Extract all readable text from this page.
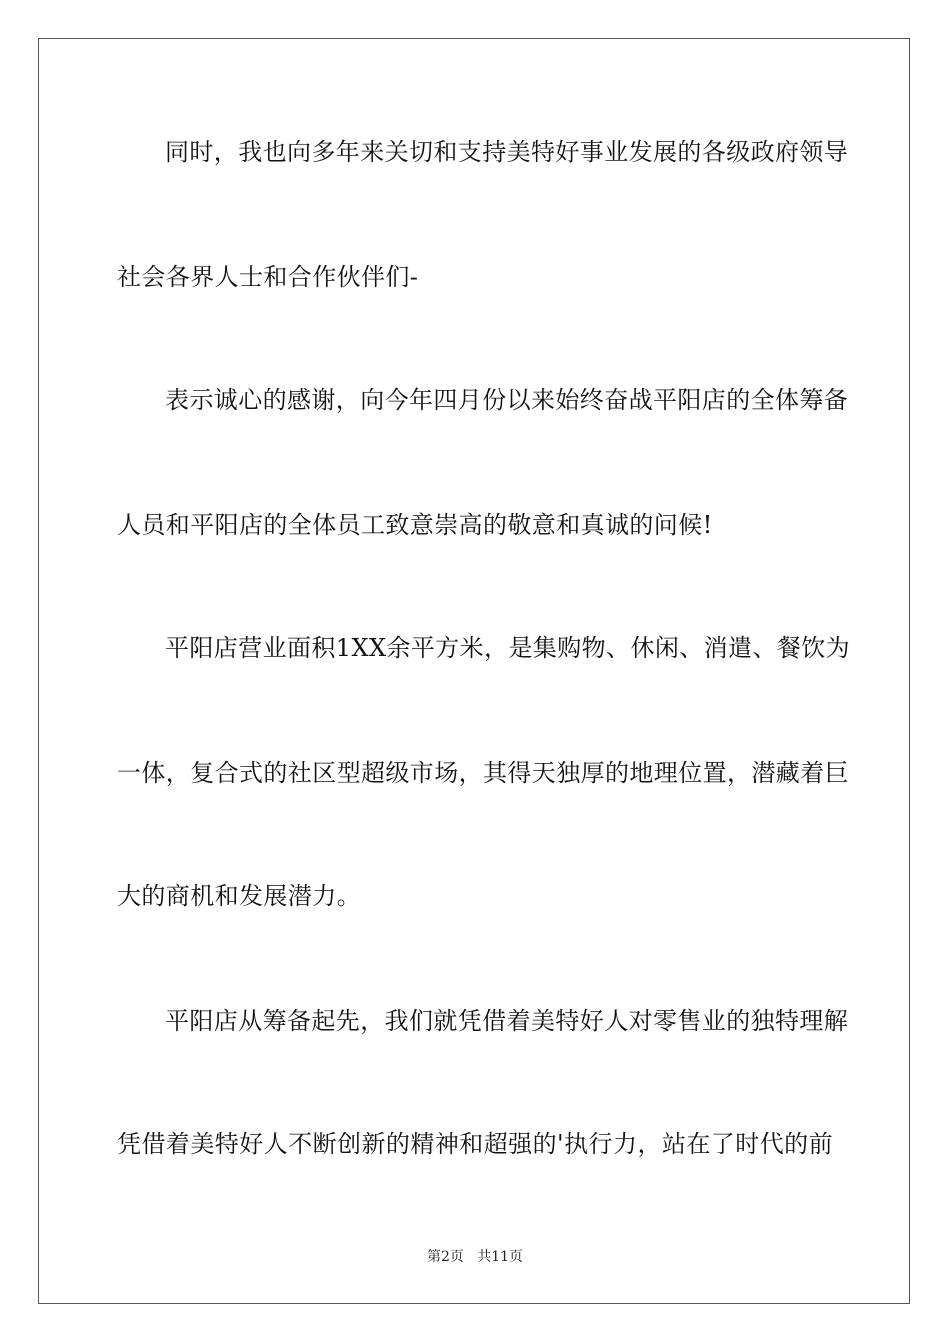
同时，我也向多年来关切和支持美特好事业发展的各级政府领导
社会各界人士和合作伙伴们-
表示诚心的感谢，向今年四月份以来始终奋战平阳店的全体筹备
人员和平阳店的全体员工致意崇高的敬意和真诚的问候!
平阳店营业面积1XX余平方米，是集购物、休闲、消遣、餐饮为
一体，复合式的社区型超级市场，其得天独厚的地理位置，潜藏着巨
大的商机和发展潜力。
平阳店从筹备起先，我们就凭借着美特好人对零售业的独特理解
凭借着美特好人不断创新的精神和超强的'执行力，站在了时代的前
第2页   共11页
